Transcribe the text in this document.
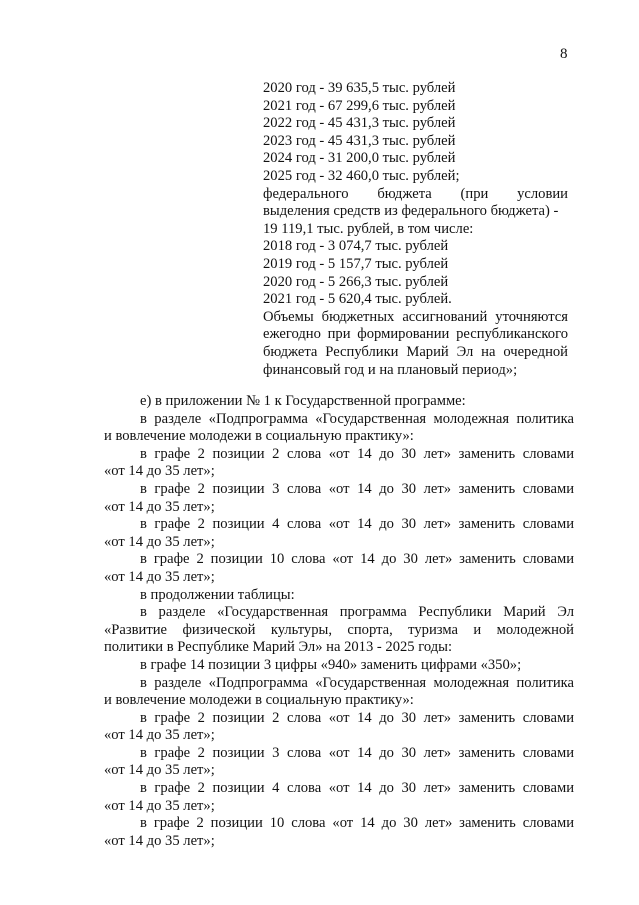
8
2020 год - 39 635,5 тыс. рублей
2021 год - 67 299,6 тыс. рублей
2022 год - 45 431,3 тыс. рублей
2023 год - 45 431,3 тыс. рублей
2024 год - 31 200,0 тыс. рублей
2025 год - 32 460,0 тыс. рублей;
федерального бюджета (при условии
выделения средств из федерального бюджета) -
19 119,1 тыс. рублей, в том числе:
2018 год - 3 074,7 тыс. рублей
2019 год - 5 157,7 тыс. рублей
2020 год - 5 266,3 тыс. рублей
2021 год - 5 620,4 тыс. рублей.
Объемы бюджетных ассигнований уточняются
ежегодно при формировании республиканского
бюджета Республики Марий Эл на очередной
финансовый год и на плановый период»;
е) в приложении № 1 к Государственной программе:
в разделе «Подпрограмма «Государственная молодежная политика
и вовлечение молодежи в социальную практику»:
в графе 2 позиции 2 слова «от 14 до 30 лет» заменить словами
«от 14 до 35 лет»;
в графе 2 позиции 3 слова «от 14 до 30 лет» заменить словами
«от 14 до 35 лет»;
в графе 2 позиции 4 слова «от 14 до 30 лет» заменить словами
«от 14 до 35 лет»;
в графе 2 позиции 10 слова «от 14 до 30 лет» заменить словами
«от 14 до 35 лет»;
в продолжении таблицы:
в разделе «Государственная программа Республики Марий Эл
«Развитие физической культуры, спорта, туризма и молодежной
политики в Республике Марий Эл» на 2013 - 2025 годы:
в графе 14 позиции 3 цифры «940» заменить цифрами «350»;
в разделе «Подпрограмма «Государственная молодежная политика
и вовлечение молодежи в социальную практику»:
в графе 2 позиции 2 слова «от 14 до 30 лет» заменить словами
«от 14 до 35 лет»;
в графе 2 позиции 3 слова «от 14 до 30 лет» заменить словами
«от 14 до 35 лет»;
в графе 2 позиции 4 слова «от 14 до 30 лет» заменить словами
«от 14 до 35 лет»;
в графе 2 позиции 10 слова «от 14 до 30 лет» заменить словами
«от 14 до 35 лет»;
